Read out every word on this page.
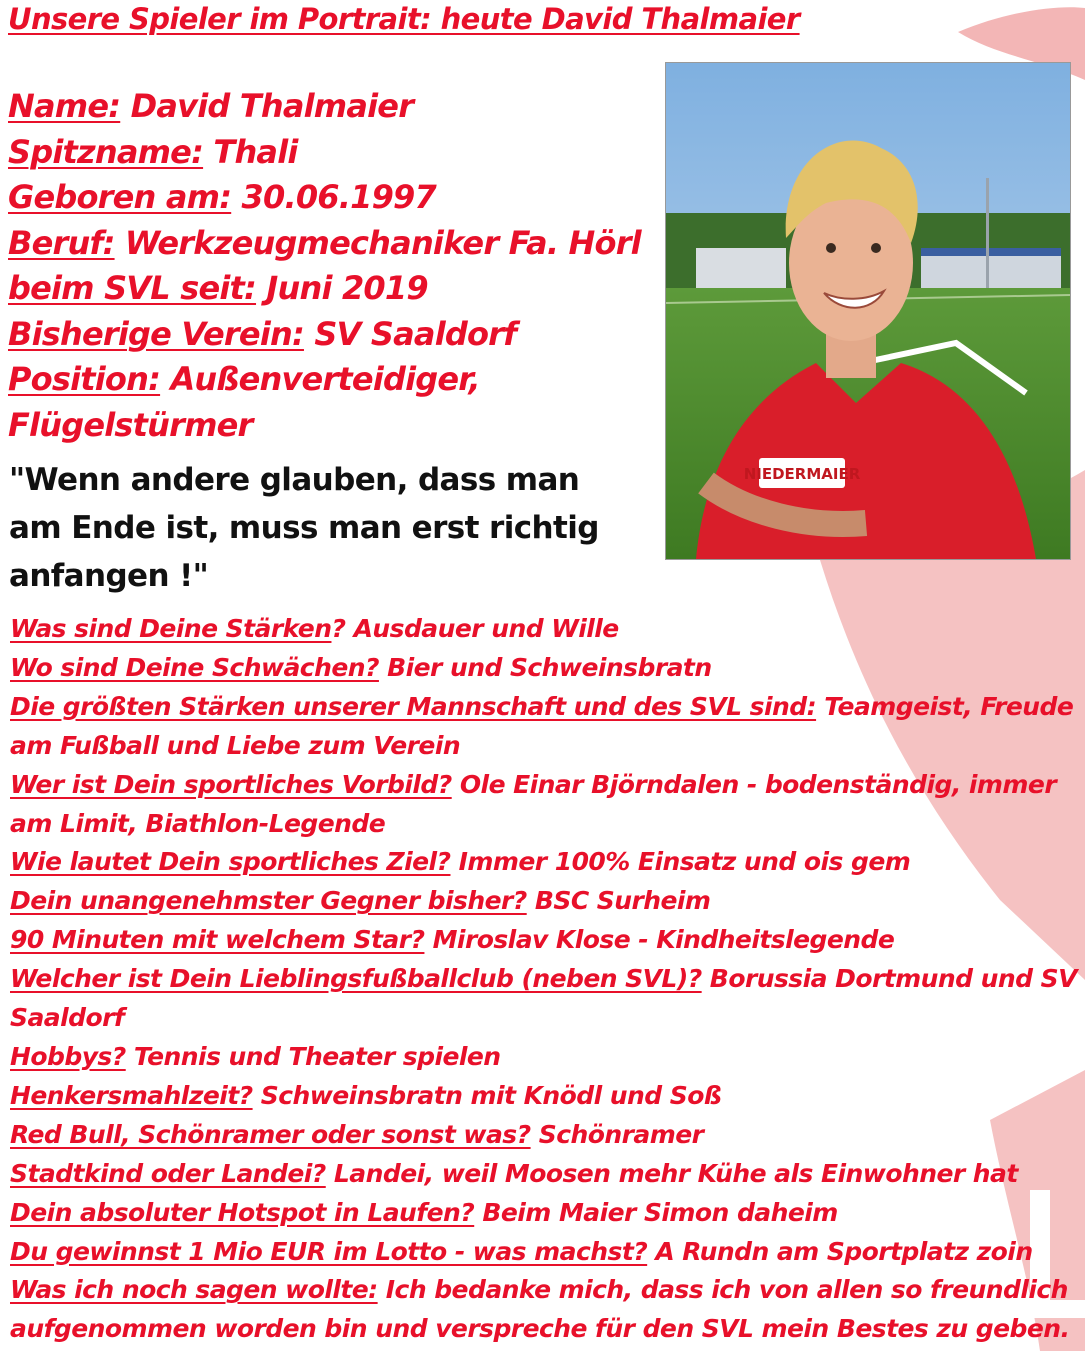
Unsere Spieler im Portrait: heute David Thalmaier
Name: David Thalmaier
Spitzname: Thali
Geboren am: 30.06.1997
Beruf: Werkzeugmechaniker Fa. Hörl
beim SVL seit: Juni 2019
Bisherige Verein: SV Saaldorf
Position: Außenverteidiger,
Flügelstürmer
"Wenn andere glauben, dass man am Ende ist, muss man erst richtig anfangen !"
NIEDERMAIER
Was sind Deine Stärken? Ausdauer und Wille
Wo sind Deine Schwächen? Bier und Schweinsbratn
Die größten Stärken unserer Mannschaft und des SVL sind: Teamgeist, Freude am Fußball und Liebe zum Verein
Wer ist Dein sportliches Vorbild? Ole Einar Björndalen - bodenständig, immer am Limit, Biathlon-Legende
Wie lautet Dein sportliches Ziel? Immer 100% Einsatz und ois gem
Dein unangenehmster Gegner bisher? BSC Surheim
90 Minuten mit welchem Star? Miroslav Klose - Kindheitslegende
Welcher ist Dein Lieblingsfußballclub (neben SVL)? Borussia Dortmund und SV Saaldorf
Hobbys? Tennis und Theater spielen
Henkersmahlzeit? Schweinsbratn mit Knödl und Soß
Red Bull, Schönramer oder sonst was? Schönramer
Stadtkind oder Landei? Landei, weil Moosen mehr Kühe als Einwohner hat
Dein absoluter Hotspot in Laufen? Beim Maier Simon daheim
Du gewinnst 1 Mio EUR im Lotto - was machst? A Rundn am Sportplatz zoin
Was ich noch sagen wollte: Ich bedanke mich, dass ich von allen so freundlich aufgenommen worden bin und verspreche für den SVL mein Bestes zu geben.
